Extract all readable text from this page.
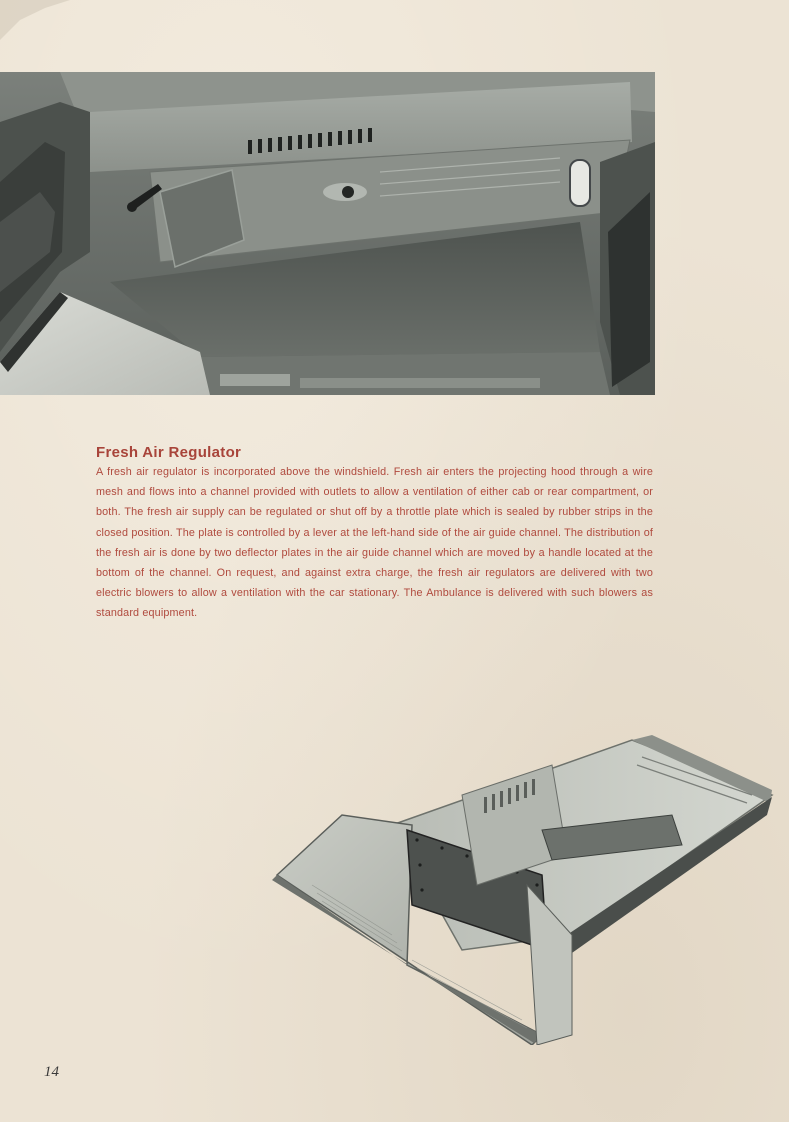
Fresh Air Regulator

A fresh air regulator is incorporated above the windshield. Fresh air enters the projecting hood through a wire mesh and flows into a channel provided with outlets to allow a ventilation of either cab or rear compartment, or both. The fresh air supply can be regulated or shut off by a throttle plate which is sealed by rubber strips in the closed position. The plate is controlled by a lever at the left-hand side of the air guide channel. The distribution of the fresh air is done by two deflector plates in the air guide channel which are moved by a handle located at the bottom of the channel. On request, and against extra charge, the fresh air regulators are delivered with two electric blowers to allow a ventilation with the car stationary. The Ambulance is delivered with such blowers as standard equipment.

14
